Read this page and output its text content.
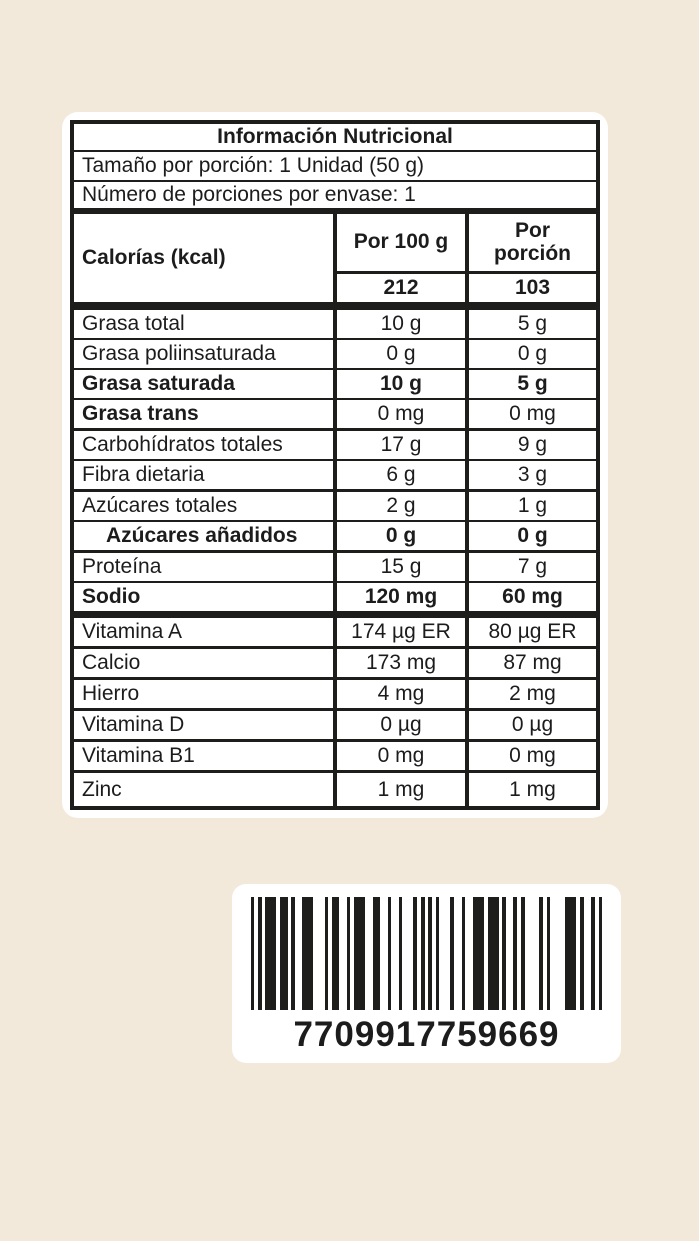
Información Nutricional
Tamaño por porción: 1 Unidad (50 g)
Número de porciones por envase: 1
Calorías (kcal)
Por 100 g	Por porción
212	103
Grasa total	10 g	5 g
Grasa poliinsaturada	0 g	0 g
Grasa saturada	10 g	5 g
Grasa trans	0 mg	0 mg
Carbohídratos totales	17 g	9 g
Fibra dietaria	6 g	3 g
Azúcares totales	2 g	1 g
Azúcares añadidos	0 g	0 g
Proteína	15 g	7 g
Sodio	120 mg	60 mg
Vitamina A	174 µg ER	80 µg ER
Calcio	173 mg	87 mg
Hierro	4 mg	2 mg
Vitamina D	0 µg	0 µg
Vitamina B1	0 mg	0 mg
Zinc	1 mg	1 mg
7709917759669
